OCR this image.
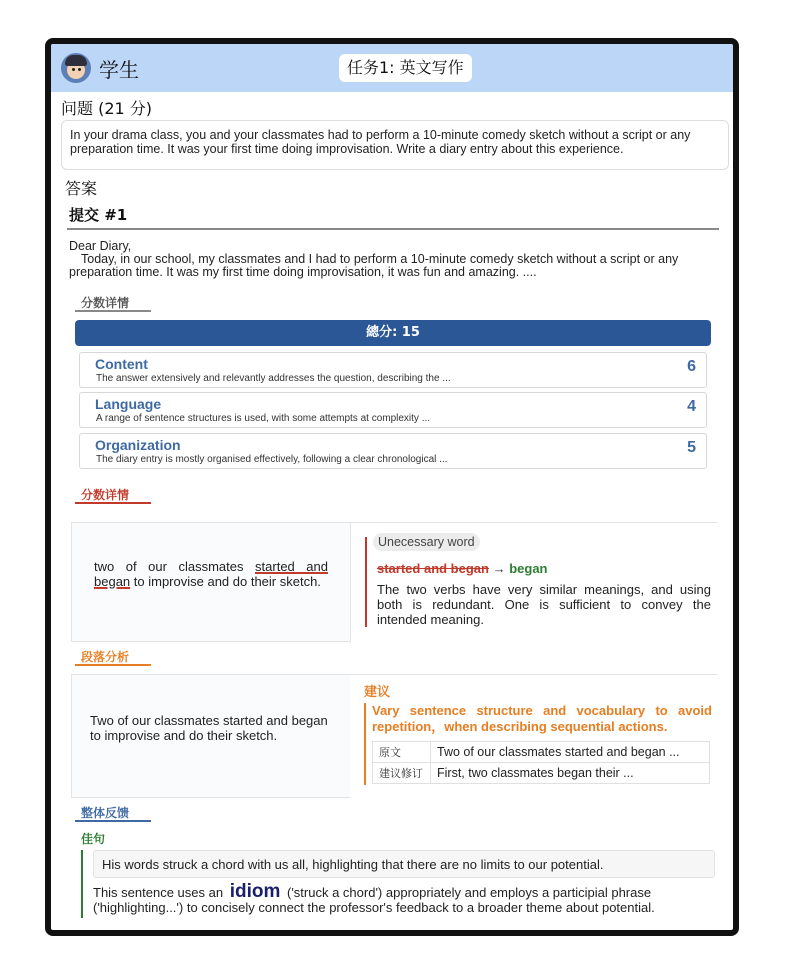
学生	任务1: 英文写作
问题 (21 分)
In your drama class, you and your classmates had to perform a 10-minute comedy sketch without a script or any preparation time. It was your first time doing improvisation. Write a diary entry about this experience.
答案
提交 #1
Dear Diary,
Today, in our school, my classmates and I had to perform a 10-minute comedy sketch without a script or any preparation time. It was my first time doing improvisation, it was fun and amazing. ....
分数详情
總分: 15
Content
The answer extensively and relevantly addresses the question, describing the ...
6
Language
A range of sentence structures is used, with some attempts at complexity ...
4
Organization
The diary entry is mostly organised effectively, following a clear chronological ...
5
分数详情
two of our classmates started and began to improvise and do their sketch.
Unecessary word
started and began → began
The two verbs have very similar meanings, and using both is redundant. One is sufficient to convey the intended meaning.
段落分析
Two of our classmates started and began to improvise and do their sketch.
建议
Vary sentence structure and vocabulary to avoid repetition，when describing sequential actions.
原文	Two of our classmates started and began ...
建议修订	First, two classmates began their ...
整体反馈
佳句
His words struck a chord with us all, highlighting that there are no limits to our potential.
This sentence uses an idiom ('struck a chord') appropriately and employs a participial phrase ('highlighting...') to concisely connect the professor's feedback to a broader theme about potential.
